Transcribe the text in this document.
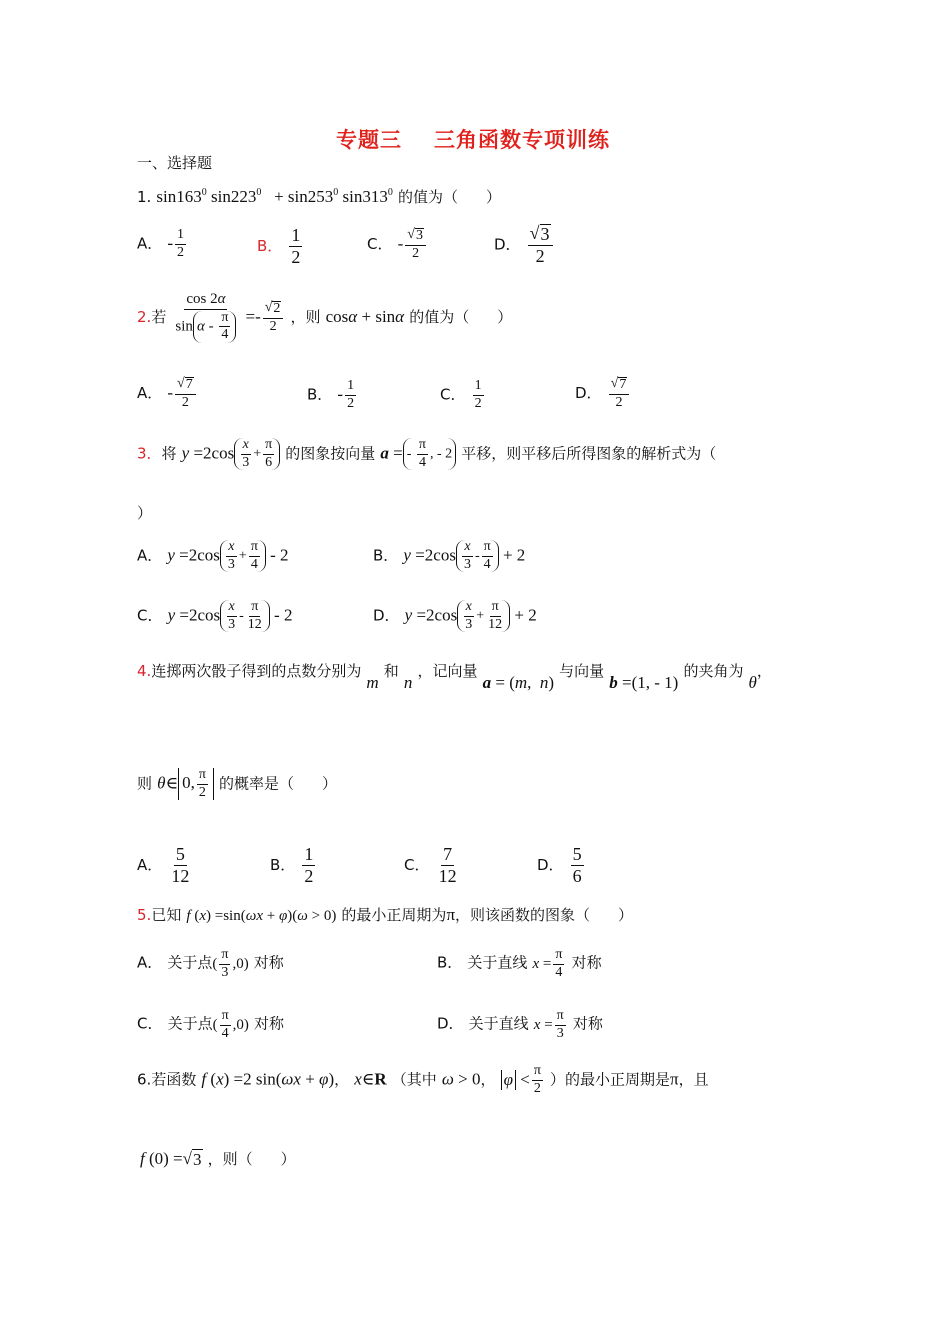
专题三 三角函数专项训练
一、选择题
1. $\sin 163^0$ $\sin 223^0 + \sin 253^0$ $\sin 313^0$ 的值为（ ）
A． - $\frac{1}{2}$	B． $\frac{1}{2}$	C． - $\frac{√ 3}{2}$	D． $\frac{√ 3}{2}$
2.若 $\frac{\cos 2\alpha}{\sin \alpha - \frac{\pi}{4}} =- \frac{√ 2}{2}$ ，则 cosα + sinα 的值为（ ）
A． - $\frac{√ 7}{2}$	B． - $\frac{1}{2}$	C． $\frac{1}{2}$	D． $\frac{√ 7}{2}$
3．将 $y =2\cos \frac{x}{3} + \frac{\pi}{6}$ 的图象按向量 a = - $\frac{\pi}{4}$ , - 2 平移，则平移后所得图象的解析式为（
）
A． $y =2\cos \frac{x}{3} + \frac{\pi}{4} - 2$	B． $y =2\cos \frac{x}{3} - \frac{\pi}{4} + 2$
C． $y =2\cos \frac{x}{3} - \frac{\pi}{12} - 2$	D． $y =2\cos \frac{x}{3} + \frac{\pi}{12} + 2$
4.连掷两次骰子得到的点数分别为 m 和 n ，记向量 a = (m,  n) 与向量 b =(1, - 1) 的夹角为 θ，
则 θ∈ 0, $\frac{\pi}{2}$ 的概率是（ ）
A． $\frac{5}{12}$	B． $\frac{1}{2}$	C． $\frac{7}{12}$	D． $\frac{5}{6}$
5.已知 f (x) =sin(ωx + φ)(ω > 0) 的最小正周期为π，则该函数的图象（ ）
A． 关于点( $\frac{\pi}{3} ,0$) 对称	B． 关于直线 $x = \frac{\pi}{4}$ 对称
C． 关于点( $\frac{\pi}{4} ,0$) 对称	D． 关于直线 $x = \frac{\pi}{3}$ 对称
6.若函数 f (x) =2 sin(ωx + φ)， x∈R （其中 ω > 0， $\varphi < \frac{\pi}{2}$ ）的最小正周期是π，且
f (0) =√ 3 ，则（ ）
